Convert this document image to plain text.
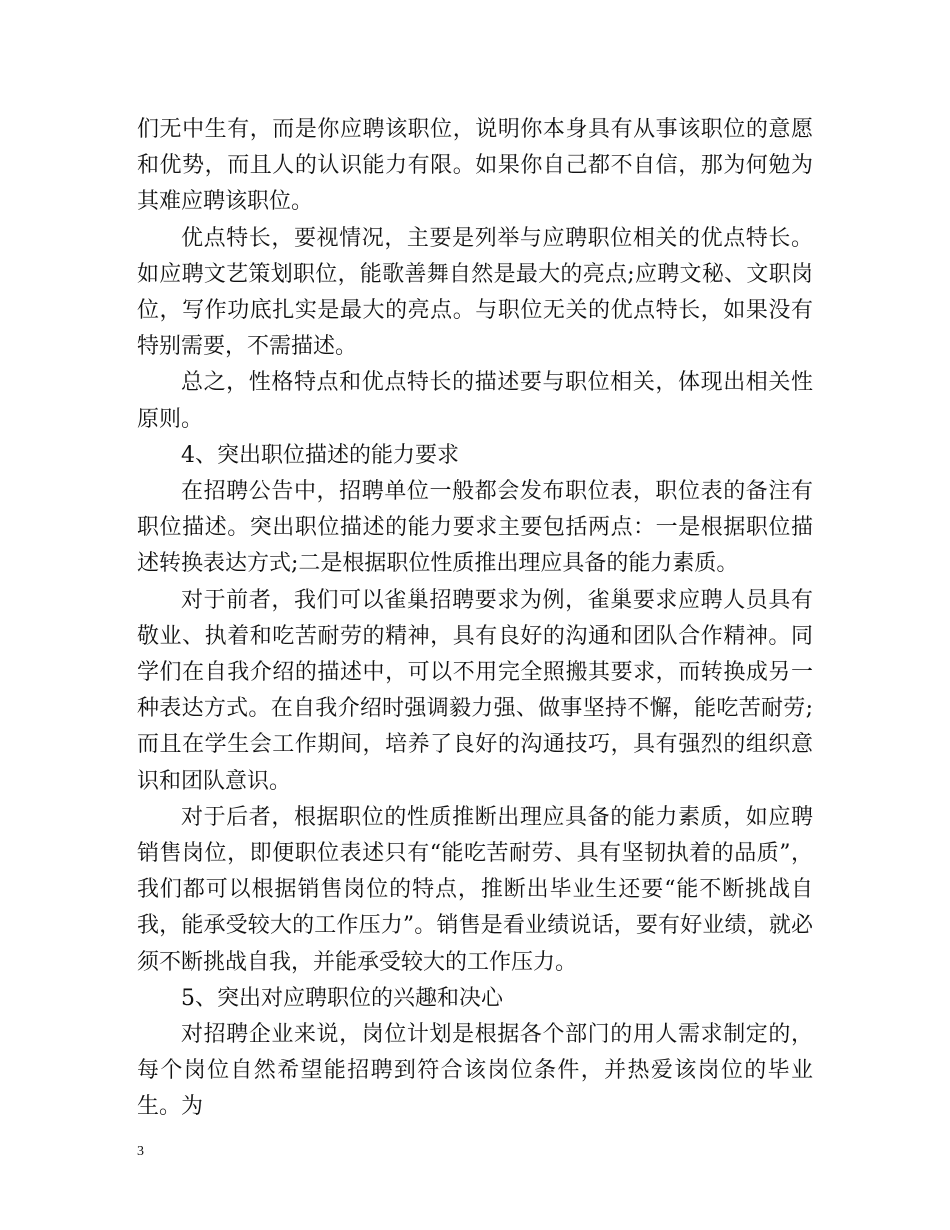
们无中生有，而是你应聘该职位，说明你本身具有从事该职位的意愿和优势，而且人的认识能力有限。如果你自己都不自信，那为何勉为其难应聘该职位。

优点特长，要视情况，主要是列举与应聘职位相关的优点特长。如应聘文艺策划职位，能歌善舞自然是最大的亮点;应聘文秘、文职岗位，写作功底扎实是最大的亮点。与职位无关的优点特长，如果没有特别需要，不需描述。

总之，性格特点和优点特长的描述要与职位相关，体现出相关性原则。

4、突出职位描述的能力要求

在招聘公告中，招聘单位一般都会发布职位表，职位表的备注有职位描述。突出职位描述的能力要求主要包括两点：一是根据职位描述转换表达方式;二是根据职位性质推出理应具备的能力素质。

对于前者，我们可以雀巢招聘要求为例，雀巢要求应聘人员具有敬业、执着和吃苦耐劳的精神，具有良好的沟通和团队合作精神。同学们在自我介绍的描述中，可以不用完全照搬其要求，而转换成另一种表达方式。在自我介绍时强调毅力强、做事坚持不懈，能吃苦耐劳;而且在学生会工作期间，培养了良好的沟通技巧，具有强烈的组织意识和团队意识。

对于后者，根据职位的性质推断出理应具备的能力素质，如应聘销售岗位，即便职位表述只有“能吃苦耐劳、具有坚韧执着的品质”，我们都可以根据销售岗位的特点，推断出毕业生还要“能不断挑战自我，能承受较大的工作压力”。销售是看业绩说话，要有好业绩，就必须不断挑战自我，并能承受较大的工作压力。

5、突出对应聘职位的兴趣和决心

对招聘企业来说，岗位计划是根据各个部门的用人需求制定的，每个岗位自然希望能招聘到符合该岗位条件，并热爱该岗位的毕业生。为

3
